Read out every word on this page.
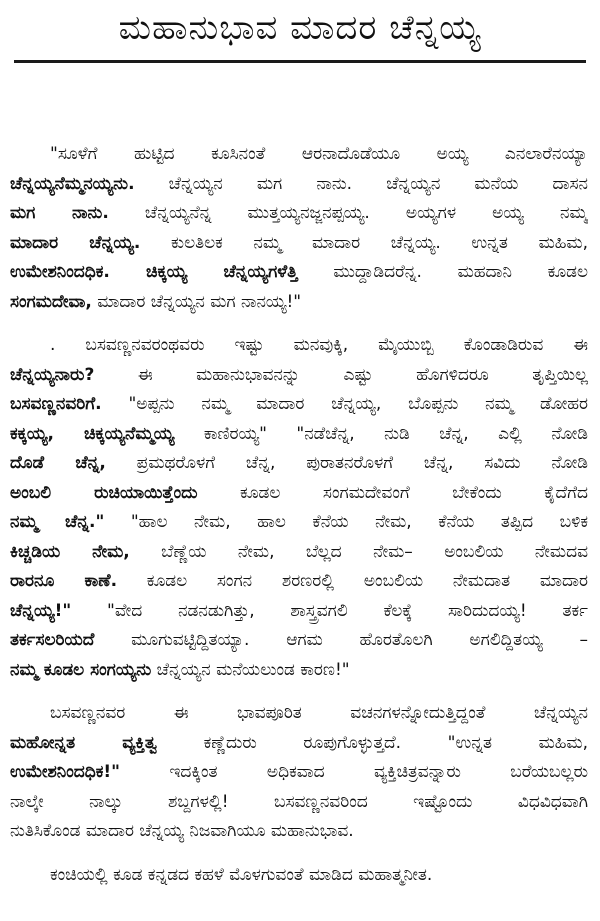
ಮಹಾನುಭಾವ ಮಾದರ ಚೆನ್ನಯ್ಯ
"ಸೂಳೆಗೆ ಹುಟ್ಟಿದ ಕೂಸಿನಂತೆ ಆರನಾದೊಡೆಯೂ ಅಯ್ಯ ಎನಲಾರೆನಯ್ಯಾ
ಚೆನ್ನಯ್ಯನೆಮ್ಮನಯ್ಯನು. ಚೆನ್ನಯ್ಯನ ಮಗ ನಾನು. ಚೆನ್ನಯ್ಯನ ಮನೆಯ ದಾಸನ
ಮಗ ನಾನು. ಚೆನ್ನಯ್ಯನೆನ್ನ ಮುತ್ತಯ್ಯನಜ್ಜನಪ್ಪಯ್ಯ. ಅಯ್ಯಗಳ ಅಯ್ಯ ನಮ್ಮ
ಮಾದಾರ ಚೆನ್ನಯ್ಯ. ಕುಲತಿಲಕ ನಮ್ಮ ಮಾದಾರ ಚೆನ್ನಯ್ಯ. ಉನ್ನತ ಮಹಿಮ,
ಉಮೇಶನಿಂದಧಿಕ. ಚಿಕ್ಕಯ್ಯ ಚೆನ್ನಯ್ಯಗಳೆತ್ತಿ ಮುದ್ದಾಡಿದರೆನ್ನ. ಮಹದಾನಿ ಕೂಡಲ
ಸಂಗಮದೇವಾ, ಮಾದಾರ ಚೆನ್ನಯ್ಯನ ಮಗ ನಾನಯ್ಯ!"
. ಬಸವಣ್ಣನವರಂಥವರು ಇಷ್ಟು ಮನವುಕ್ಕಿ, ಮೈಯುಬ್ಬಿ ಕೊಂಡಾಡಿರುವ ಈ
ಚೆನ್ನಯ್ಯನಾರು? ಈ ಮಹಾನುಭಾವನನ್ನು ಎಷ್ಟು ಹೊಗಳಿದರೂ ತೃಪ್ತಿಯಿಲ್ಲ
ಬಸವಣ್ಣನವರಿಗೆ. "ಅಪ್ಪನು ನಮ್ಮ ಮಾದಾರ ಚೆನ್ನಯ್ಯ, ಬೊಪ್ಪನು ನಮ್ಮ ಡೋಹರ
ಕಕ್ಕಯ್ಯ, ಚಿಕ್ಕಯ್ಯನೆಮ್ಮಯ್ಯ ಕಾಣಿರಯ್ಯ" "ನಡೆಚೆನ್ನ, ನುಡಿ ಚೆನ್ನ, ಎಲ್ಲಿ ನೋಡಿ
ದೊಡೆ ಚೆನ್ನ, ಪ್ರಮಥರೊಳಗೆ ಚೆನ್ನ, ಪುರಾತನರೊಳಗೆ ಚೆನ್ನ, ಸವಿದು ನೋಡಿ
ಅಂಬಲಿ ರುಚಿಯಾಯಿತ್ತೆಂದು ಕೂಡಲ ಸಂಗಮದೇವಂಗೆ ಬೇಕೆಂದು ಕೈದೆಗೆದ
ನಮ್ಮ ಚೆನ್ನ." "ಹಾಲ ನೇಮ, ಹಾಲ ಕೆನೆಯ ನೇಮ, ಕೆನೆಯ ತಪ್ಪಿದ ಬಳಿಕ
ಕಿಚ್ಚಡಿಯ ನೇಮ, ಬೆಣ್ಣೆಯ ನೇಮ, ಬೆಲ್ಲದ ನೇಮ– ಅಂಬಲಿಯ ನೇಮದವ
ರಾರನೂ ಕಾಣೆ. ಕೂಡಲ ಸಂಗನ ಶರಣರಲ್ಲಿ ಅಂಬಲಿಯ ನೇಮದಾತ ಮಾದಾರ
ಚೆನ್ನಯ್ಯ!" "ವೇದ ನಡನಡುಗಿತ್ತು, ಶಾಸ್ತ್ರವಗಲಿ ಕೆಲಕ್ಕೆ ಸಾರಿದುದಯ್ಯ! ತರ್ಕ
ತರ್ಕಸಲರಿಯದೆ ಮೂಗುವಟ್ಟಿದ್ದಿತಯ್ಯಾ. ಆಗಮ ಹೊರತೊಲಗಿ ಅಗಲಿದ್ದಿತಯ್ಯ –
ನಮ್ಮ ಕೂಡಲ ಸಂಗಯ್ಯನು ಚೆನ್ನಯ್ಯನ ಮನೆಯಲುಂಡ ಕಾರಣ!"
ಬಸವಣ್ಣನವರ ಈ ಭಾವಪೂರಿತ ವಚನಗಳನ್ನೋದುತ್ತಿದ್ದಂತೆ ಚೆನ್ನಯ್ಯನ
ಮಹೋನ್ನತ ವ್ಯಕ್ತಿತ್ವ ಕಣ್ಣೆದುರು ರೂಪುಗೊಳ್ಳುತ್ತದೆ. "ಉನ್ನತ ಮಹಿಮ,
ಉಮೇಶನಿಂದಧಿಕ!" ಇದಕ್ಕಿಂತ ಅಧಿಕವಾದ ವ್ಯಕ್ತಿಚಿತ್ರವನ್ನಾರು ಬರೆಯಬಲ್ಲರು
ನಾಲ್ಕೇ ನಾಲ್ಕು ಶಬ್ದಗಳಲ್ಲಿ! ಬಸವಣ್ಣನವರಿಂದ ಇಷ್ಟೊಂದು ವಿಧವಿಧವಾಗಿ
ನುತಿಸಿಕೊಂಡ ಮಾದಾರ ಚೆನ್ನಯ್ಯ ನಿಜವಾಗಿಯೂ ಮಹಾನುಭಾವ.
ಕಂಚಿಯಲ್ಲಿ ಕೂಡ ಕನ್ನಡದ ಕಹಳೆ ಮೊಳಗುವಂತೆ ಮಾಡಿದ ಮಹಾತ್ಮನೀತ.
